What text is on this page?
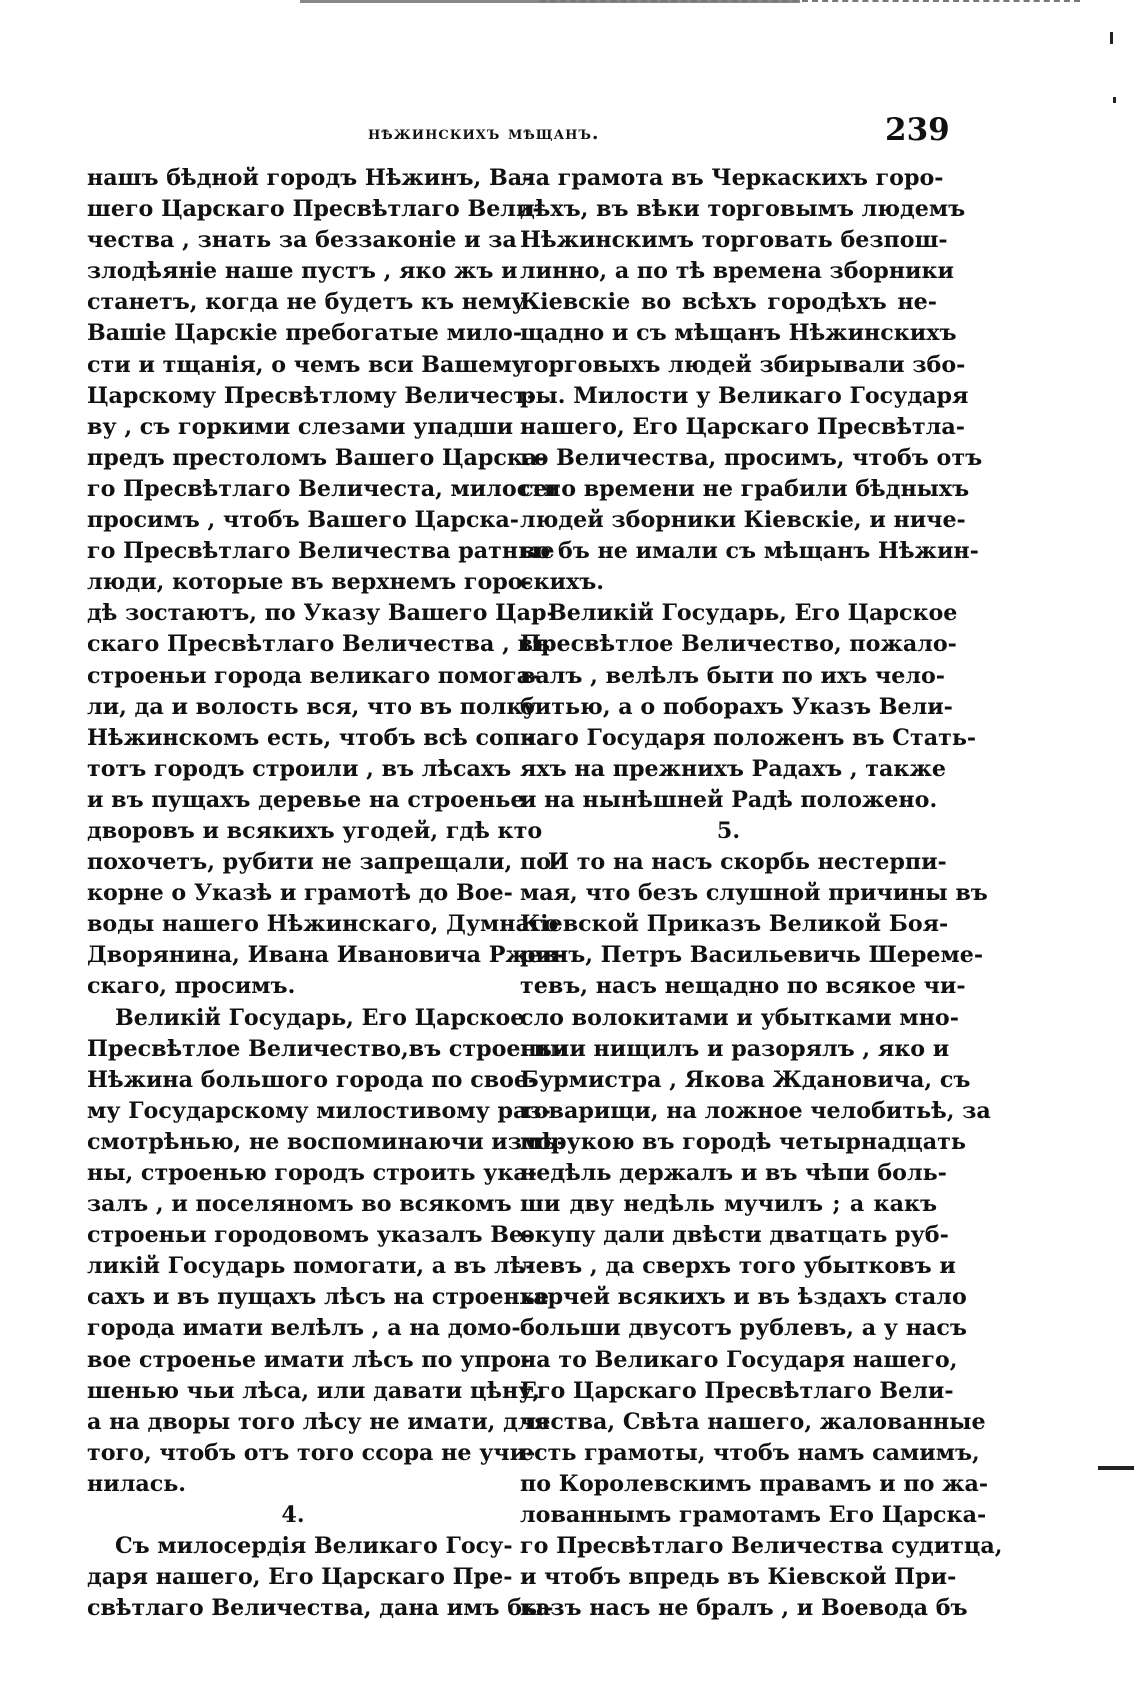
нѣжинскихъ мѣщанъ.	239
нашъ бѣдной городъ Нѣжинъ, Ва-
шего Царскаго Пресвѣтлаго Вели-
чества , знать за беззаконіе и за
злодѣяніе наше пустъ , яко жъ и
станетъ, когда не будетъ къ нему
Вашіе Царскіе пребогатые мило-
сти и тщанія, о чемъ вси Вашему
Царскому Пресвѣтлому Величест-
ву , съ горкими слезами упадши
предъ престоломъ Вашего Царска-
го Пресвѣтлаго Величеста, милости
просимъ , чтобъ Вашего Царска-
го Пресвѣтлаго Величества ратные
люди, которые въ верхнемъ горо-
дѣ зостаютъ, по Указу Вашего Цар-
скаго Пресвѣтлаго Величества , въ
строеньи города великаго помога-
ли, да и волость вся, что въ полку
Нѣжинскомъ есть, чтобъ всѣ сопча
тотъ городъ строили , въ лѣсахъ
и въ пущахъ деревье на строенье
дворовъ и всякихъ угодей, гдѣ кто
похочетъ, рубити не запрещали, по-
корне о Указѣ и грамотѣ до Вое-
воды нашего Нѣжинскаго, Думнаго
Дворянина, Ивана Ивановича Ржев-
скаго, просимъ.
Великій Государь, Его Царское
Пресвѣтлое Величество,въ строеньи
Нѣжина большого города по свое-
му Государскому милостивому раз-
смотрѣнью, не воспоминаючи измѣ-
ны, строенью городъ строить ука-
залъ , и поселяномъ во всякомъ
строеньи городовомъ указалъ Ве-
ликій Государь помогати, а въ лѣ-
сахъ и въ пущахъ лѣсъ на строенье
города имати велѣлъ , а на домо-
вое строенье имати лѣсъ по упро-
шенью чьи лѣса, или давати цѣну,
а на дворы того лѣсу не имати, для
того, чтобъ отъ того ссора не учи-
нилась.
4.
Съ милосердія Великаго Госу-
даря нашего, Его Царскаго Пре-
свѣтлаго Величества, дана имъ бы-
ла грамота въ Черкаскихъ горо-
дѣхъ, въ вѣки торговымъ людемъ
Нѣжинскимъ торговать безпош-
линно, а по тѣ времена зборники
Кіевскіе во всѣхъ городѣхъ не-
щадно и съ мѣщанъ Нѣжинскихъ
торговыхъ людей збирывали збо-
ры. Милости у Великаго Государя
нашего, Его Царскаго Пресвѣтла-
го Величества, просимъ, чтобъ отъ
сего времени не грабили бѣдныхъ
людей зборники Кіевскіе, и ниче-
во бъ не имали съ мѣщанъ Нѣжин-
скихъ.
Великій Государь, Его Царское
Пресвѣтлое Величество, пожало-
валъ , велѣлъ быти по ихъ чело-
битью, а о поборахъ Указъ Вели-
каго Государя положенъ въ Стать-
яхъ на прежнихъ Радахъ , также
и на нынѣшней Радѣ положено.
5.
И то на насъ скорбь нестерпи-
мая, что безъ слушной причины въ
Кіевской Приказъ Великой Боя-
ринъ, Петръ Васильевичь Шереме-
тевъ, насъ нещадно по всякое чи-
сло волокитами и убытками мно-
гими нищилъ и разорялъ , яко и
Бурмистра , Якова Ждановича, съ
товарищи, на ложное челобитьѣ, за
порукою въ городѣ четырнадцать
недѣль держалъ и въ чѣпи боль-
ши дву недѣль мучилъ ; а какъ
окупу дали двѣсти дватцать руб-
левъ , да сверхъ того убытковъ и
харчей всякихъ и въ ѣздахъ стало
больши двусотъ рублевъ, а у насъ
на то Великаго Государя нашего,
Его Царскаго Пресвѣтлаго Вели-
чества, Свѣта нашего, жалованные
есть грамоты, чтобъ намъ самимъ,
по Королевскимъ правамъ и по жа-
лованнымъ грамотамъ Его Царска-
го Пресвѣтлаго Величества судитца,
и чтобъ впредь въ Кіевской При-
казъ насъ не бралъ , и Воевода бъ
